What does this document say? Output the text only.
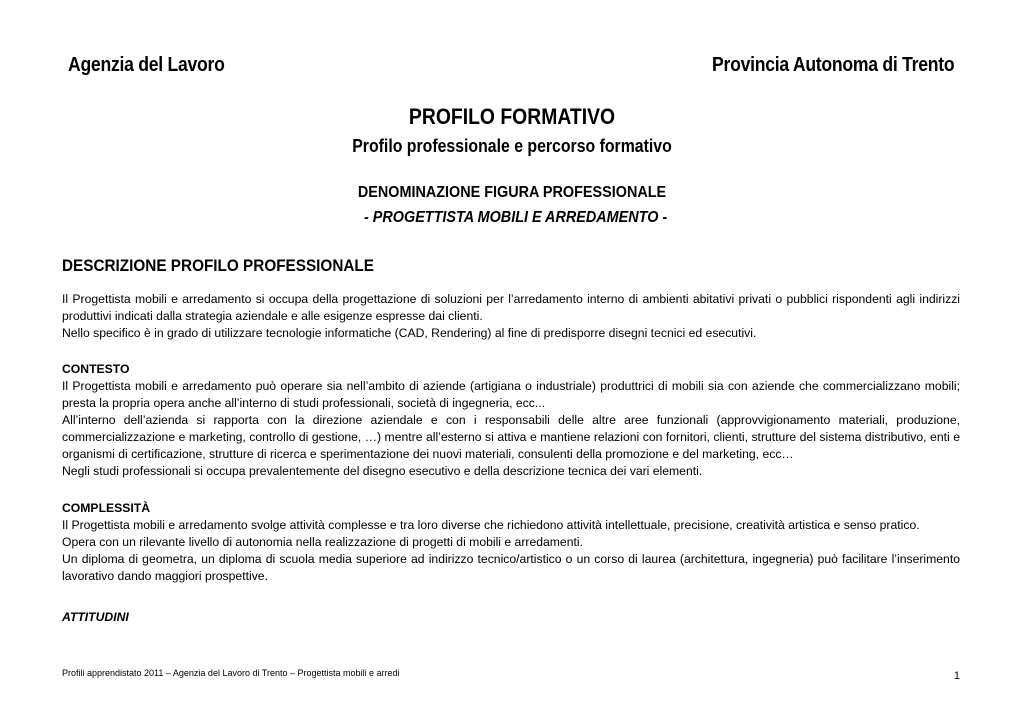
Agenzia del Lavoro	Provincia Autonoma di Trento
PROFILO FORMATIVO
Profilo professionale e percorso formativo
DENOMINAZIONE FIGURA PROFESSIONALE
- PROGETTISTA MOBILI E ARREDAMENTO -
DESCRIZIONE PROFILO PROFESSIONALE

Il Progettista mobili e arredamento si occupa della progettazione di soluzioni per l’arredamento interno di ambienti abitativi privati o pubblici rispondenti agli indirizzi produttivi indicati dalla strategia aziendale e alle esigenze espresse dai clienti.

Nello specifico è in grado di utilizzare tecnologie informatiche (CAD, Rendering) al fine di predisporre disegni tecnici ed esecutivi.

CONTESTO

Il Progettista mobili e arredamento può operare sia nell’ambito di aziende (artigiana o industriale) produttrici di mobili sia con aziende che commercializzano mobili; presta la propria opera anche all’interno di studi professionali, società di ingegneria, ecc...

All’interno dell’azienda si rapporta con la direzione aziendale e con i responsabili delle altre aree funzionali (approvvigionamento materiali, produzione, commercializzazione e marketing, controllo di gestione, …) mentre all’esterno si attiva e mantiene relazioni con fornitori, clienti, strutture del sistema distributivo, enti e organismi di certificazione, strutture di ricerca e sperimentazione dei nuovi materiali, consulenti della promozione e del marketing, ecc…

Negli studi professionali si occupa prevalentemente del disegno esecutivo e della descrizione tecnica dei vari elementi.

COMPLESSITÀ

Il Progettista mobili e arredamento svolge attività complesse e tra loro diverse che richiedono attività intellettuale, precisione, creatività artistica e senso pratico.

Opera con un rilevante livello di autonomia nella realizzazione di progetti di mobili e arredamenti.

Un diploma di geometra, un diploma di scuola media superiore ad indirizzo tecnico/artistico o un corso di laurea (architettura, ingegneria) può facilitare l’inserimento lavorativo dando maggiori prospettive.

ATTITUDINI

Profili apprendistato 2011 – Agenzia del Lavoro di Trento – Progettista mobili e arredi	1
